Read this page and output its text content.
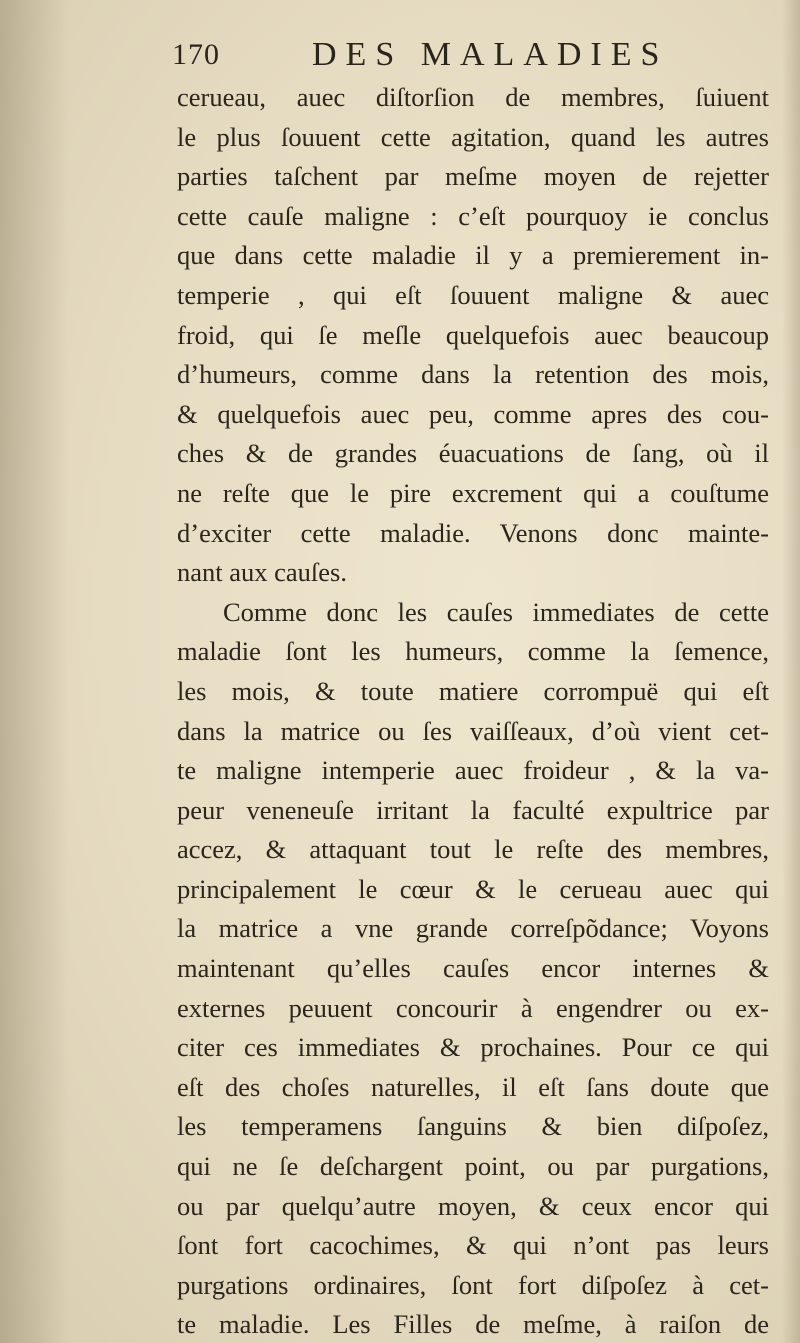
170	DES MALADIES
cerueau, auec diſtorſion de membres, ſuiuent
le plus ſouuent cette agitation, quand les autres
parties taſchent par meſme moyen de rejetter
cette cauſe maligne : c’eſt pourquoy ie conclus
que dans cette maladie il y a premierement in-
temperie , qui eſt ſouuent maligne & auec
froid, qui ſe meſle quelquefois auec beaucoup
d’humeurs, comme dans la retention des mois,
& quelquefois auec peu, comme apres des cou-
ches & de grandes éuacuations de ſang, où il
ne reſte que le pire excrement qui a couſtume
d’exciter cette maladie. Venons donc mainte-
nant aux cauſes.
Comme donc les cauſes immediates de cette
maladie ſont les humeurs, comme la ſemence,
les mois, & toute matiere corrompuë qui eſt
dans la matrice ou ſes vaiſſeaux, d’où vient cet-
te maligne intemperie auec froideur , & la va-
peur veneneuſe irritant la faculté expultrice par
accez, & attaquant tout le reſte des membres,
principalement le cœur & le cerueau auec qui
la matrice a vne grande correſpõdance; Voyons
maintenant qu’elles cauſes encor internes &
externes peuuent concourir à engendrer ou ex-
citer ces immediates & prochaines. Pour ce qui
eſt des choſes naturelles, il eſt ſans doute que
les temperamens ſanguins & bien diſpoſez,
qui ne ſe deſchargent point, ou par purgations,
ou par quelqu’autre moyen, & ceux encor qui
ſont fort cacochimes, & qui n’ont pas leurs
purgations ordinaires, ſont fort diſpoſez à cet-
te maladie. Les Filles de meſme, à raiſon de
